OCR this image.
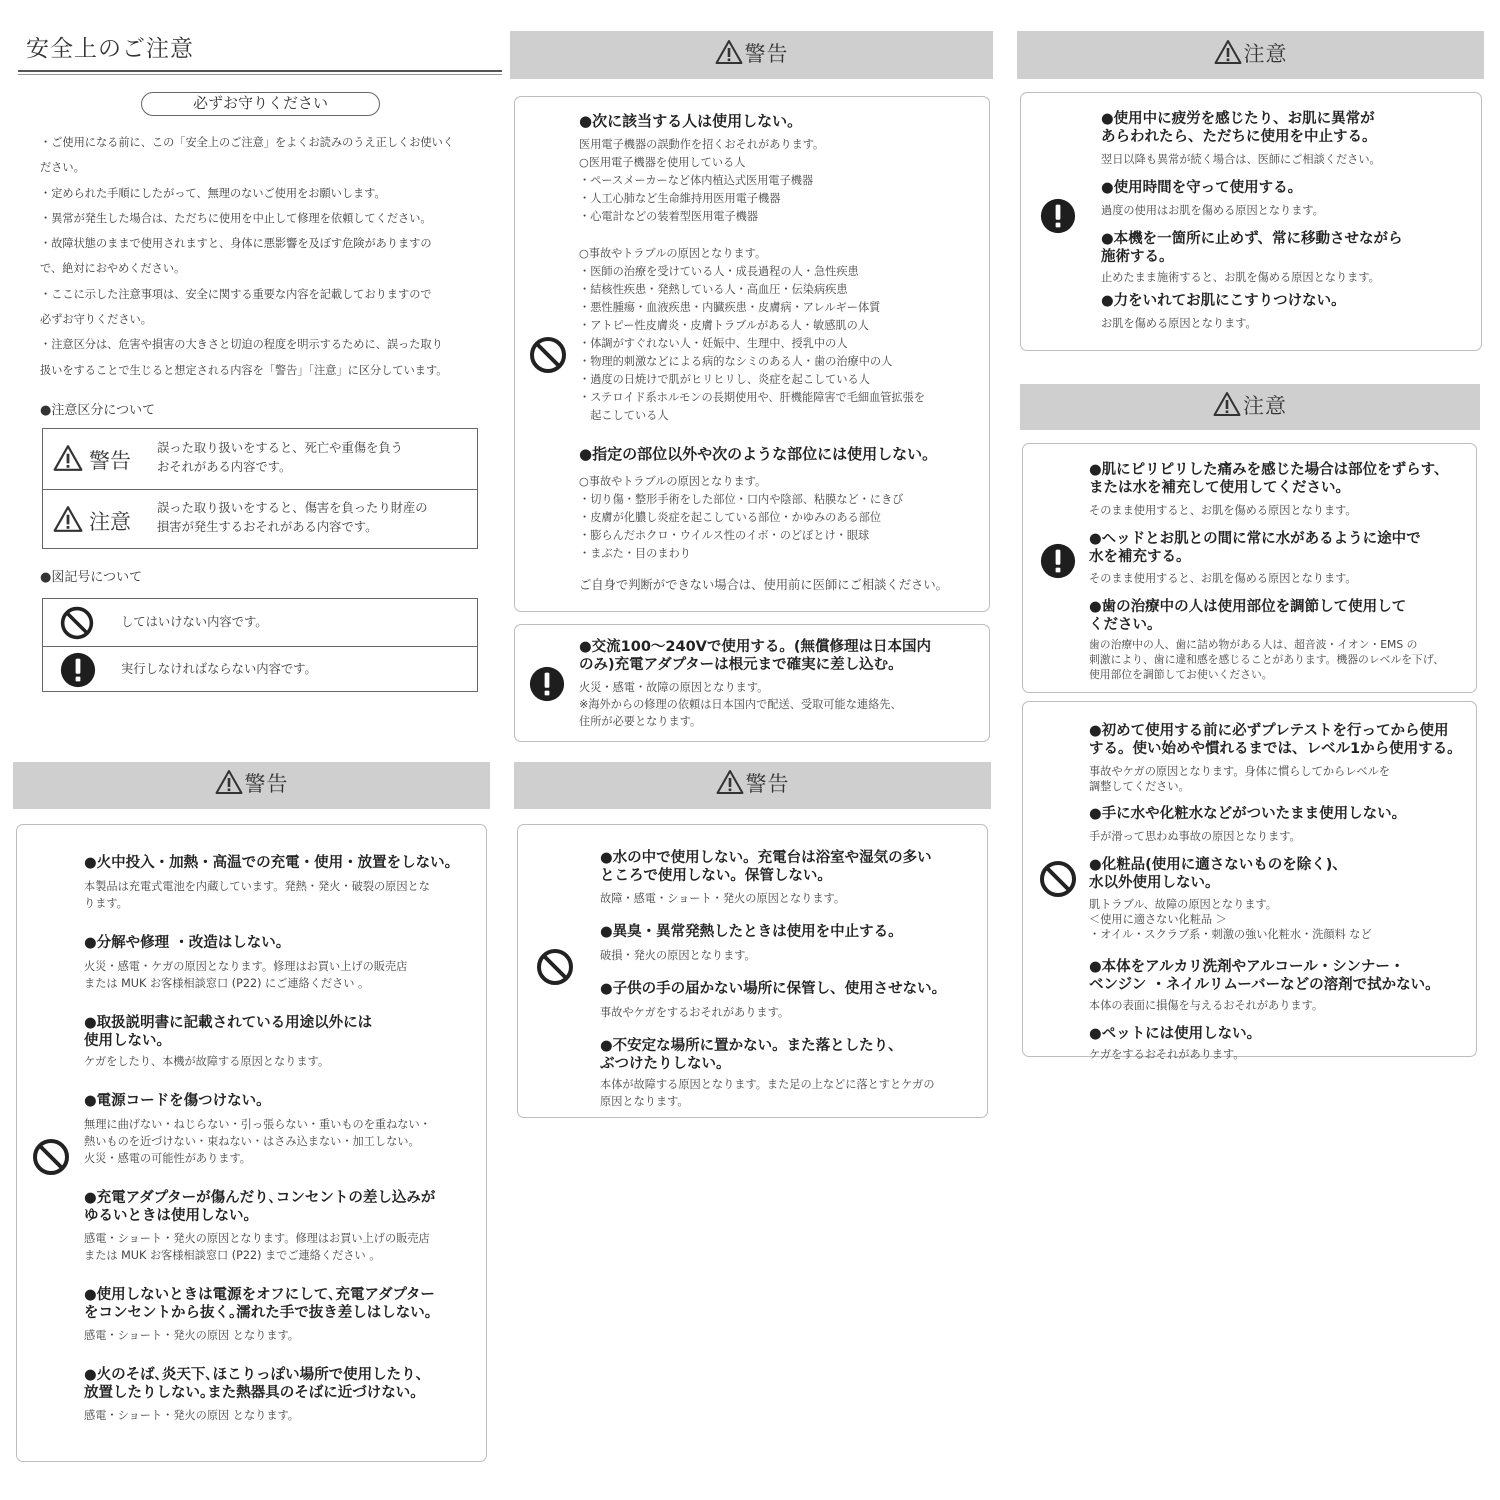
安全上のご注意
必ずお守りください

・ご使用になる前に、この「安全上のご注意」をよくお読みのうえ正しくお使いく
ださい。

・定められた手順にしたがって、無理のないご使用をお願いします。

・異常が発生した場合は、ただちに使用を中止して修理を依頼してください。

・故障状態のままで使用されますと、身体に悪影響を及ぼす危険がありますの
で、絶対におやめください。

・ここに示した注意事項は、安全に関する重要な内容を記載しておりますので
必ずお守りください。

・注意区分は、危害や損害の大きさと切迫の程度を明示するために、誤った取り
扱いをすることで生じると想定される内容を「警告」「注意」に区分しています。

●注意区分について
警告
誤った取り扱いをすると、死亡や重傷を負う
おそれがある内容です。
注意
誤った取り扱いをすると、傷害を負ったり財産の
損害が発生するおそれがある内容です。
●図記号について
してはいけない内容です。
実行しなければならない内容です。
警告
●次に該当する人は使用しない。
医用電子機器の誤動作を招くおそれがあります。
○医用電子機器を使用している人
・ペースメーカーなど体内植込式医用電子機器
・人工心肺など生命維持用医用電子機器
・心電計などの装着型医用電子機器

○事故やトラブルの原因となります。
・医師の治療を受けている人・成長過程の人・急性疾患
・結核性疾患・発熱している人・高血圧・伝染病疾患
・悪性腫瘍・血液疾患・内臓疾患・皮膚病・アレルギー体質
・アトピー性皮膚炎・皮膚トラブルがある人・敏感肌の人
・体調がすぐれない人・妊娠中、生理中、授乳中の人
・物理的刺激などによる病的なシミのある人・歯の治療中の人
・過度の日焼けで肌がヒリヒリし、炎症を起こしている人
・ステロイド系ホルモンの長期使用や、肝機能障害で毛細血管拡張を
　起こしている人
●指定の部位以外や次のような部位には使用しない。
○事故やトラブルの原因となります。
・切り傷・整形手術をした部位・口内や陰部、粘膜など・にきび
・皮膚が化膿し炎症を起こしている部位・かゆみのある部位
・膨らんだホクロ・ウイルス性のイボ・のどぼとけ・眼球
・まぶた・目のまわり
ご自身で判断ができない場合は、使用前に医師にご相談ください。
●交流100～240Vで使用する。(無償修理は日本国内
のみ)充電アダプターは根元まで確実に差し込む。
火災・感電・故障の原因となります。
※海外からの修理の依頼は日本国内で配送、受取可能な連絡先、
住所が必要となります。
注意
●使用中に疲労を感じたり、お肌に異常が
あらわれたら、ただちに使用を中止する。
翌日以降も異常が続く場合は、医師にご相談ください。
●使用時間を守って使用する。
過度の使用はお肌を傷める原因となります。
●本機を一箇所に止めず、常に移動させながら
施術する。
止めたまま施術すると、お肌を傷める原因となります。
●力をいれてお肌にこすりつけない。
お肌を傷める原因となります。
注意
●肌にピリピリした痛みを感じた場合は部位をずらす、
または水を補充して使用してください。
そのまま使用すると、お肌を傷める原因となります。
●ヘッドとお肌との間に常に水があるように途中で
水を補充する。
そのまま使用すると、お肌を傷める原因となります。
●歯の治療中の人は使用部位を調節して使用して
ください。
歯の治療中の人、歯に詰め物がある人は、超音波・イオン・EMS の
刺激により、歯に違和感を感じることがあります。機器のレベルを下げ、
使用部位を調節してお使いください。
●初めて使用する前に必ずプレテストを行ってから使用
する。使い始めや慣れるまでは、レベル1から使用する。
事故やケガの原因となります。身体に慣らしてからレベルを
調整してください。
●手に水や化粧水などがついたまま使用しない。
手が滑って思わぬ事故の原因となります。
●化粧品(使用に適さないものを除く)、
水以外使用しない。
肌トラブル、故障の原因となります。
＜使用に適さない化粧品 ＞
・オイル・スクラブ系・刺激の強い化粧水・洗顔料 など
●本体をアルカリ洗剤やアルコール・シンナー・
ベンジン ・ネイルリムーバーなどの溶剤で拭かない。
本体の表面に損傷を与えるおそれがあります。
●ペットには使用しない。
ケガをするおそれがあります。
警告
●火中投入・加熱・高温での充電・使用・放置をしない。
本製品は充電式電池を内蔵しています。発熱・発火・破裂の原因とな
ります。
●分解や修理 ・改造はしない。
火災・感電・ケガの原因となります。修理はお買い上げの販売店
または MUK お客様相談窓口 (P22) にご連絡ください 。
●取扱説明書に記載されている用途以外には
使用しない。
ケガをしたり、本機が故障する原因となります。
●電源コードを傷つけない。
無理に曲げない・ねじらない・引っ張らない・重いものを重ねない・
熱いものを近づけない・束ねない・はさみ込まない・加工しない。
火災・感電の可能性があります。
●充電アダプターが傷んだり､コンセントの差し込みが
ゆるいときは使用しない。
感電・ショート・発火の原因となります。修理はお買い上げの販売店
または MUK お客様相談窓口 (P22) までご連絡ください 。
●使用しないときは電源をオフにして､充電アダプター
をコンセントから抜く｡濡れた手で抜き差しはしない。
感電・ショート・発火の原因 となります。
●火のそば､炎天下､ほこりっぽい場所で使用したり、
放置したりしない｡また熱器具のそばに近づけない。
感電・ショート・発火の原因 となります。
警告
●水の中で使用しない。充電台は浴室や湿気の多い
ところで使用しない。保管しない。
故障・感電・ショート・発火の原因となります。
●異臭・異常発熱したときは使用を中止する。
破損・発火の原因となります。
●子供の手の届かない場所に保管し、使用させない。
事故やケガをするおそれがあります。
●不安定な場所に置かない。また落としたり、
ぶつけたりしない。
本体が故障する原因となります。また足の上などに落とすとケガの
原因となります。
